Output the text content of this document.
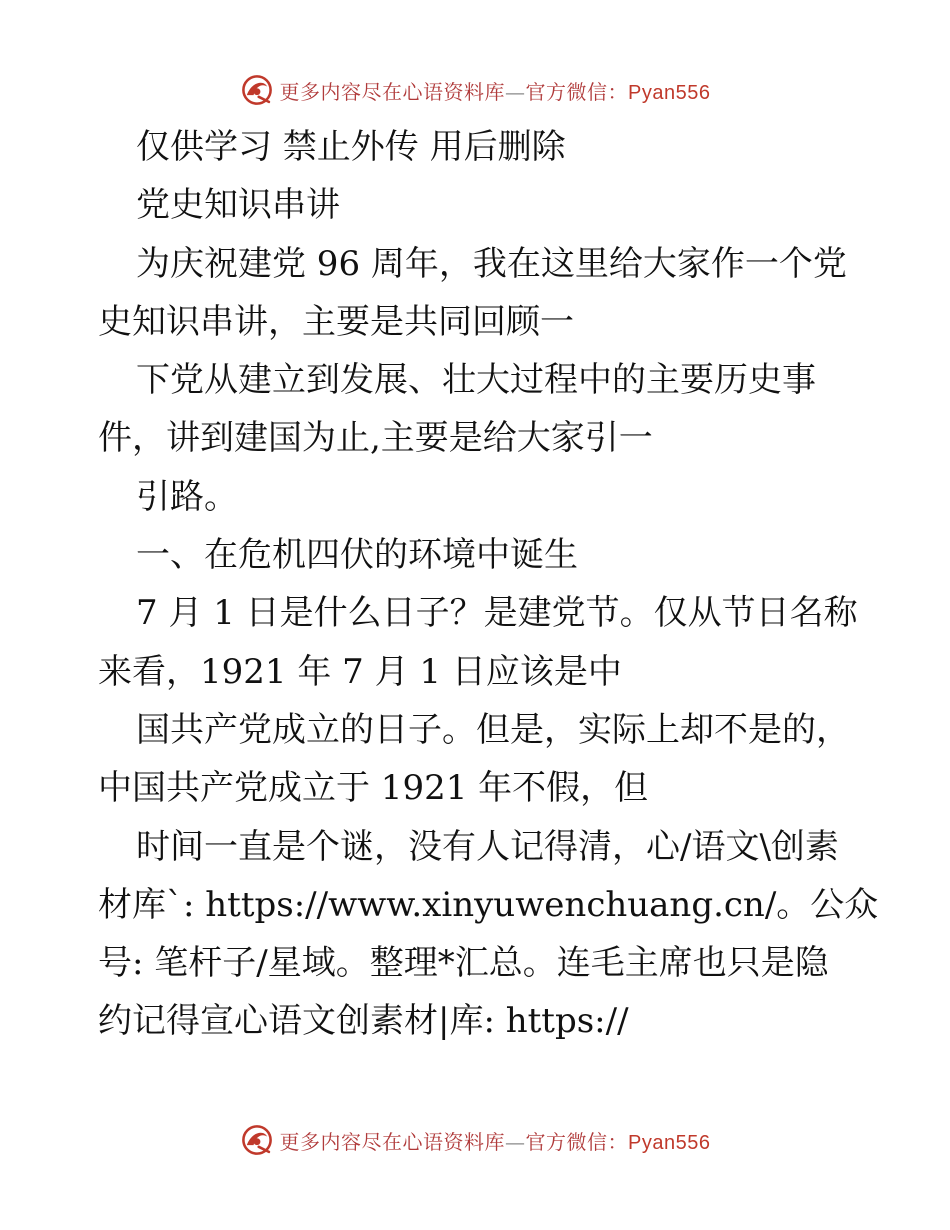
更多内容尽在心语资料库—官方微信：Pyan556
仅供学习 禁止外传 用后删除
党史知识串讲
为庆祝建党 96 周年，我在这里给大家作一个党
史知识串讲，主要是共同回顾一
下党从建立到发展、壮大过程中的主要历史事
件，讲到建国为止,主要是给大家引一
引路。
一、在危机四伏的环境中诞生
7 月 1 日是什么日子？是建党节。仅从节日名称
来看，1921 年 7 月 1 日应该是中
国共产党成立的日子。但是，实际上却不是的，
中国共产党成立于 1921 年不假，但
时间一直是个谜，没有人记得清，心/语文\创素
材库`: https://www.xinyuwenchuang.cn/。公众
号: 笔杆子/星域。整理*汇总。连毛主席也只是隐
约记得宣心语文创素材|库: https://
更多内容尽在心语资料库—官方微信：Pyan556
